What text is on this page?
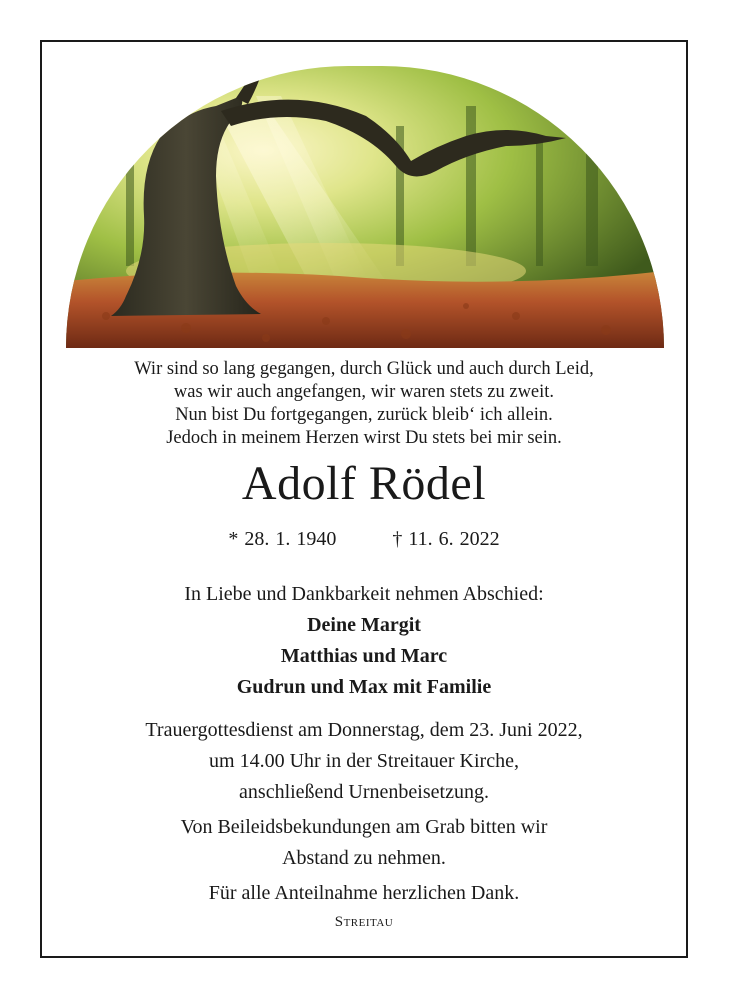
Wir sind so lang gegangen, durch Glück und auch durch Leid,
was wir auch angefangen, wir waren stets zu zweit.
Nun bist Du fortgegangen, zurück bleib‘ ich allein.
Jedoch in meinem Herzen wirst Du stets bei mir sein.
Adolf Rödel
* 28. 1. 1940	† 11. 6. 2022
In Liebe und Dankbarkeit nehmen Abschied:
Deine Margit
Matthias und Marc
Gudrun und Max mit Familie
Trauergottesdienst am Donnerstag, dem 23. Juni 2022,
um 14.00 Uhr in der Streitauer Kirche,
anschließend Urnenbeisetzung.
Von Beileidsbekundungen am Grab bitten wir
Abstand zu nehmen.
Für alle Anteilnahme herzlichen Dank.
Streitau
